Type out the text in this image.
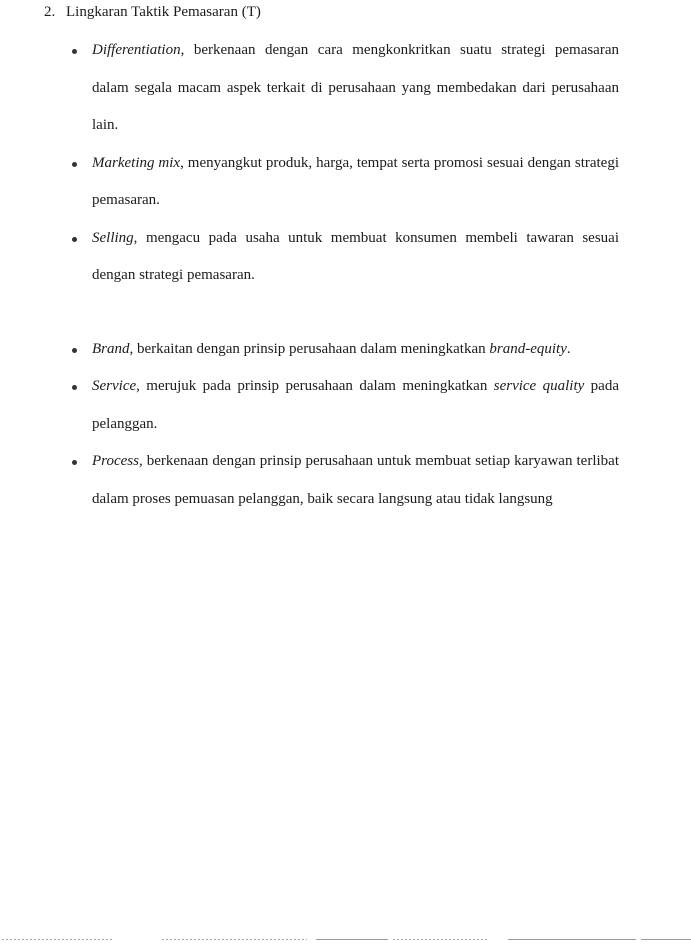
2. Lingkaran Taktik Pemasaran (T)
Differentiation, berkenaan dengan cara mengkonkritkan suatu strategi pemasaran dalam segala macam aspek terkait di perusahaan yang membedakan dari perusahaan lain.
Marketing mix, menyangkut produk, harga, tempat serta promosi sesuai dengan strategi pemasaran.
Selling, mengacu pada usaha untuk membuat konsumen membeli tawaran sesuai dengan strategi pemasaran.
Brand, berkaitan dengan prinsip perusahaan dalam meningkatkan brand-equity.
Service, merujuk pada prinsip perusahaan dalam meningkatkan service quality pada pelanggan.
Process, berkenaan dengan prinsip perusahaan untuk membuat setiap karyawan terlibat dalam proses pemuasan pelanggan, baik secara langsung atau tidak langsung
